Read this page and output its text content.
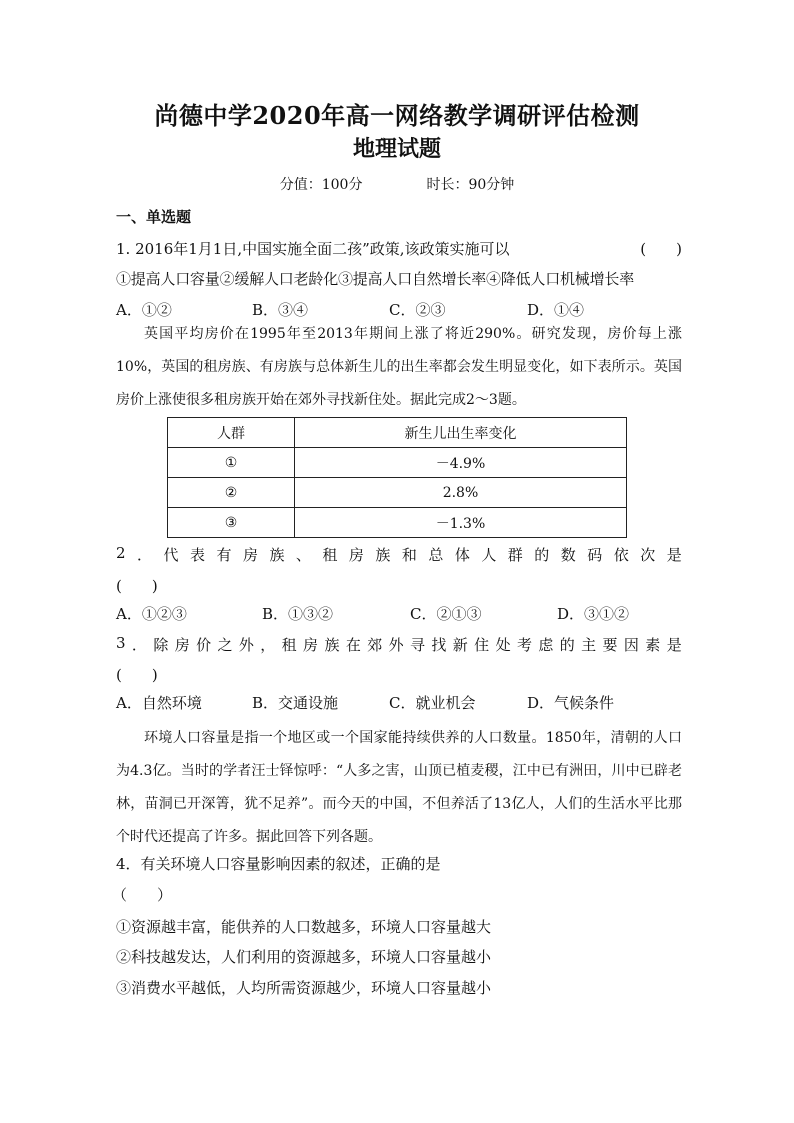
尚德中学2020年高一网络教学调研评估检测
地理试题
分值：100分	时长：90分钟
一、单选题
1. 2016年1月1日,中国实施全面二孩”政策,该政策实施可以	(　　)
①提高人口容量②缓解人口老龄化③提高人口自然增长率④降低人口机械增长率
A．①②	B．③④	C．②③	D．①④
英国平均房价在1995年至2013年期间上涨了将近290%。研究发现，房价每上涨10%，英国的租房族、有房族与总体新生儿的出生率都会发生明显变化，如下表所示。英国房价上涨使很多租房族开始在郊外寻找新住处。据此完成2～3题。
人群	新生儿出生率变化
①	－4.9%
②	2.8%
③	－1.3%
2 ． 代 表 有 房 族 、 租 房 族 和 总 体 人 群 的 数 码 依 次 是
(　　)
A．①②③	B．①③②	C．②①③	D．③①②
3 ． 除 房 价 之 外 ， 租 房 族 在 郊 外 寻 找 新 住 处 考 虑 的 主 要 因 素 是
(　　)
A．自然环境	B．交通设施	C．就业机会	D．气候条件
环境人口容量是指一个地区或一个国家能持续供养的人口数量。1850年，清朝的人口为4.3亿。当时的学者汪士铎惊呼：“人多之害，山顶已植麦稷，江中已有洲田，川中已辟老林，苗洞已开深箐，犹不足养”。而今天的中国，不但养活了13亿人，人们的生活水平比那个时代还提高了许多。据此回答下列各题。
4．有关环境人口容量影响因素的叙述，正确的是
（　　）
①资源越丰富，能供养的人口数越多，环境人口容量越大
②科技越发达，人们利用的资源越多，环境人口容量越小
③消费水平越低，人均所需资源越少，环境人口容量越小
